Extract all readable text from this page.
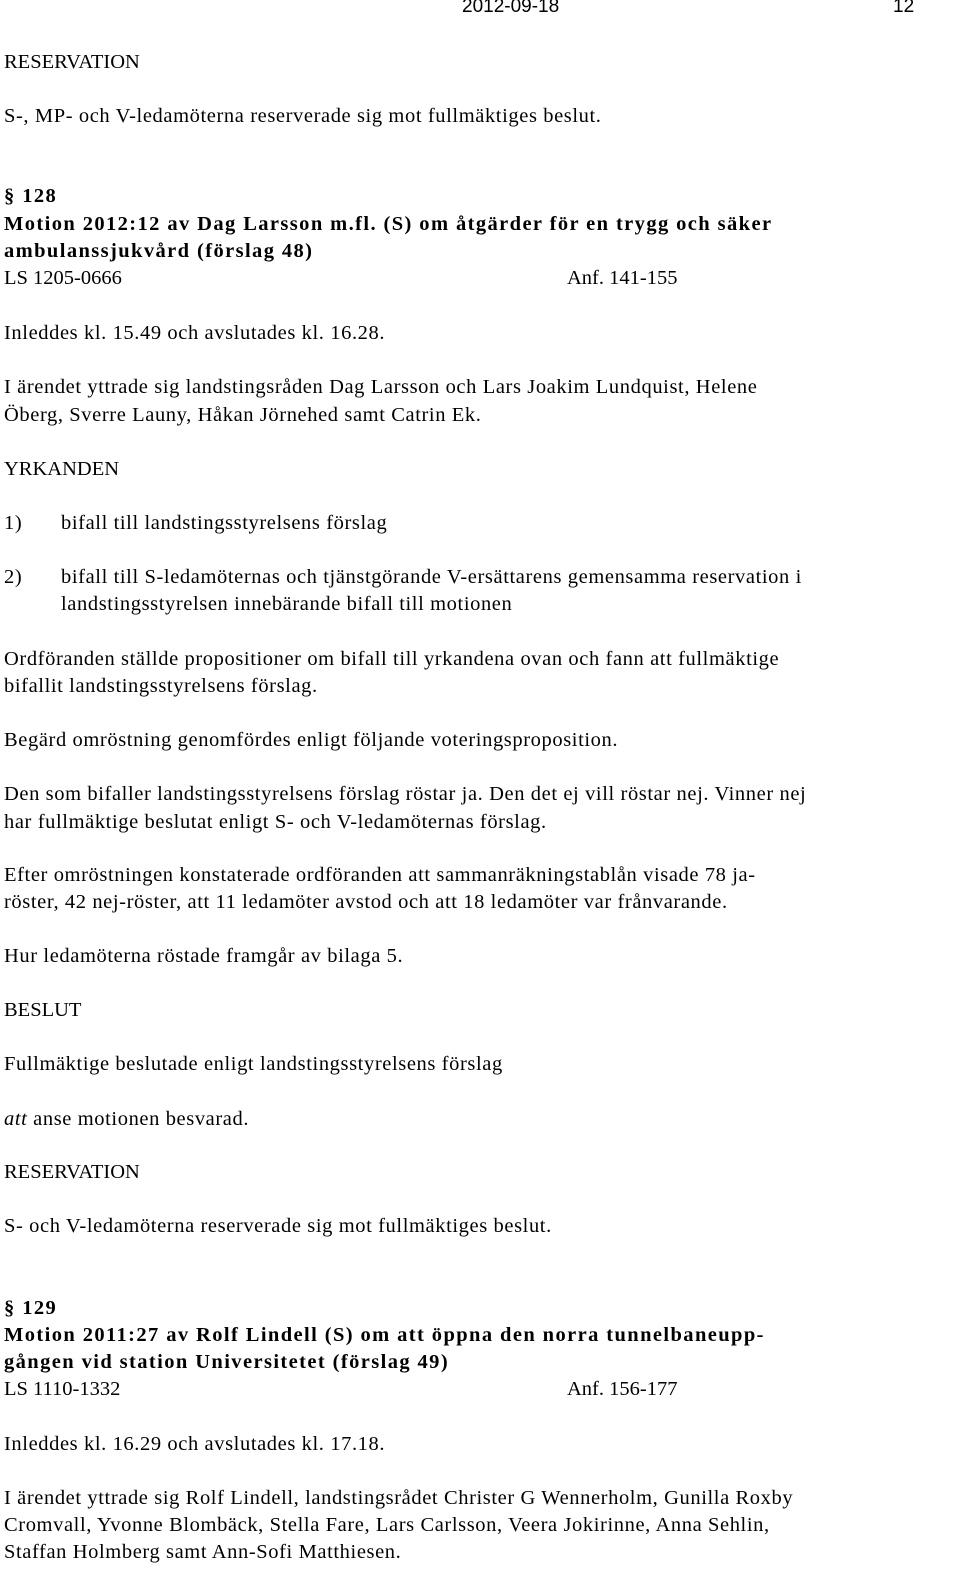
2012-09-18	12
RESERVATION
S-, MP- och V-ledamöterna reserverade sig mot fullmäktiges beslut.
§ 128
Motion 2012:12 av Dag Larsson m.fl. (S) om åtgärder för en trygg och säker
ambulanssjukvård (förslag 48)
LS 1205-0666	Anf. 141-155
Inleddes kl. 15.49 och avslutades kl. 16.28.
I ärendet yttrade sig landstingsråden Dag Larsson och Lars Joakim Lundquist, Helene
Öberg, Sverre Launy, Håkan Jörnehed samt Catrin Ek.
YRKANDEN
1) bifall till landstingsstyrelsens förslag
2) bifall till S-ledamöternas och tjänstgörande V-ersättarens gemensamma reservation i
landstingsstyrelsen innebärande bifall till motionen
Ordföranden ställde propositioner om bifall till yrkandena ovan och fann att fullmäktige
bifallit landstingsstyrelsens förslag.
Begärd omröstning genomfördes enligt följande voteringsproposition.
Den som bifaller landstingsstyrelsens förslag röstar ja. Den det ej vill röstar nej. Vinner nej
har fullmäktige beslutat enligt S- och V-ledamöternas förslag.
Efter omröstningen konstaterade ordföranden att sammanräkningstablån visade 78 ja-
röster, 42 nej-röster, att 11 ledamöter avstod och att 18 ledamöter var frånvarande.
Hur ledamöterna röstade framgår av bilaga 5.
BESLUT
Fullmäktige beslutade enligt landstingsstyrelsens förslag
att anse motionen besvarad.
RESERVATION
S- och V-ledamöterna reserverade sig mot fullmäktiges beslut.
§ 129
Motion 2011:27 av Rolf Lindell (S) om att öppna den norra tunnelbaneupp-
gången vid station Universitetet (förslag 49)
LS 1110-1332	Anf. 156-177
Inleddes kl. 16.29 och avslutades kl. 17.18.
I ärendet yttrade sig Rolf Lindell, landstingsrådet Christer G Wennerholm, Gunilla Roxby
Cromvall, Yvonne Blombäck, Stella Fare, Lars Carlsson, Veera Jokirinne, Anna Sehlin,
Staffan Holmberg samt Ann-Sofi Matthiesen.
